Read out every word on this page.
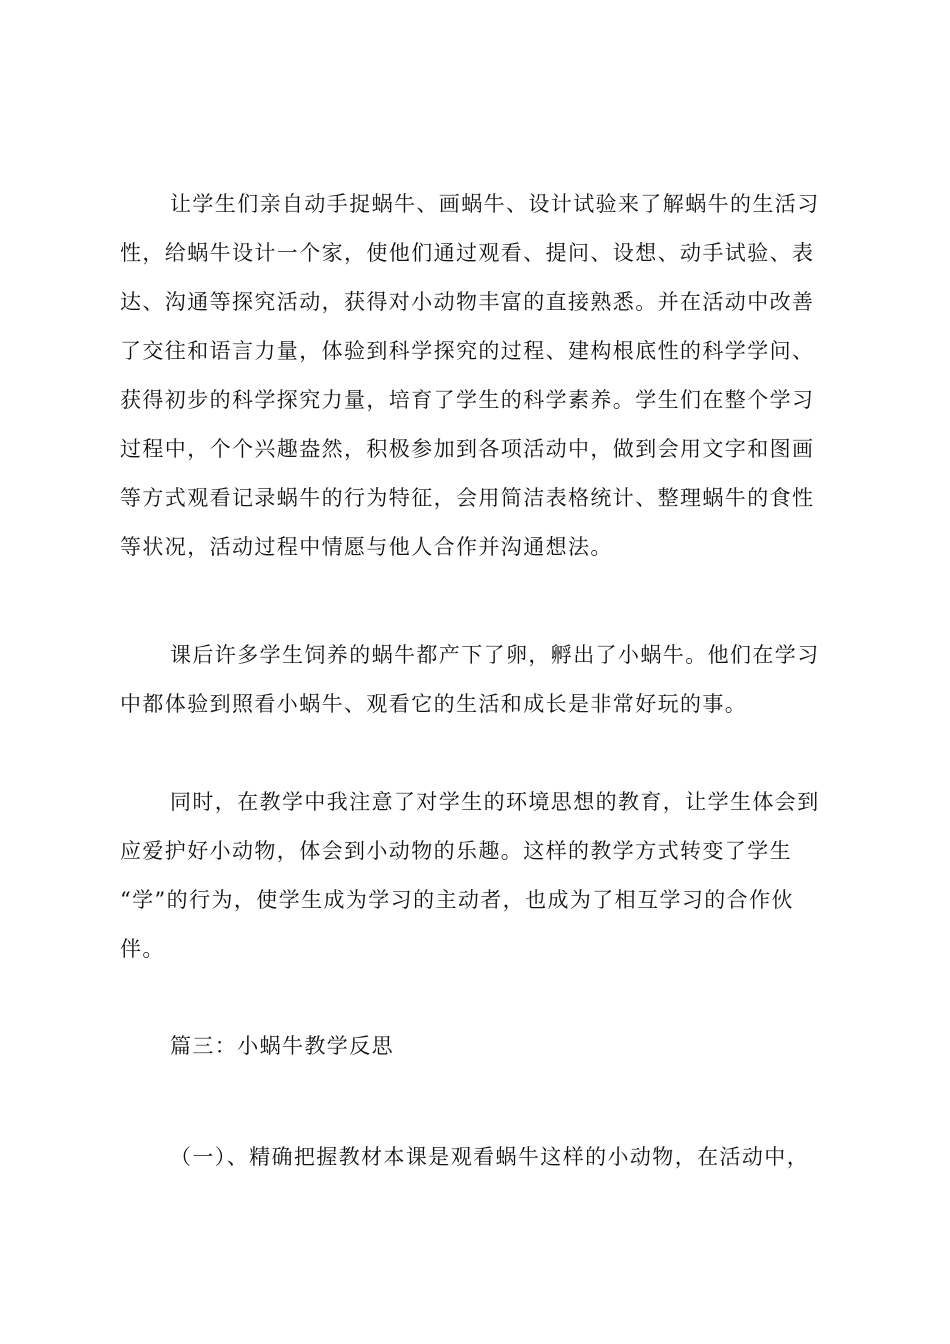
让学生们亲自动手捉蜗牛、画蜗牛、设计试验来了解蜗牛的生活习
性，给蜗牛设计一个家，使他们通过观看、提问、设想、动手试验、表
达、沟通等探究活动，获得对小动物丰富的直接熟悉。并在活动中改善
了交往和语言力量，体验到科学探究的过程、建构根底性的科学学问、
获得初步的科学探究力量，培育了学生的科学素养。学生们在整个学习
过程中，个个兴趣盎然，积极参加到各项活动中，做到会用文字和图画
等方式观看记录蜗牛的行为特征，会用简洁表格统计、整理蜗牛的食性
等状况，活动过程中情愿与他人合作并沟通想法。
课后许多学生饲养的蜗牛都产下了卵，孵出了小蜗牛。他们在学习
中都体验到照看小蜗牛、观看它的生活和成长是非常好玩的事。
同时，在教学中我注意了对学生的环境思想的教育，让学生体会到
应爱护好小动物，体会到小动物的乐趣。这样的教学方式转变了学生
“学”的行为，使学生成为学习的主动者，也成为了相互学习的合作伙
伴。
篇三：小蜗牛教学反思
（一）、精确把握教材本课是观看蜗牛这样的小动物，在活动中，
